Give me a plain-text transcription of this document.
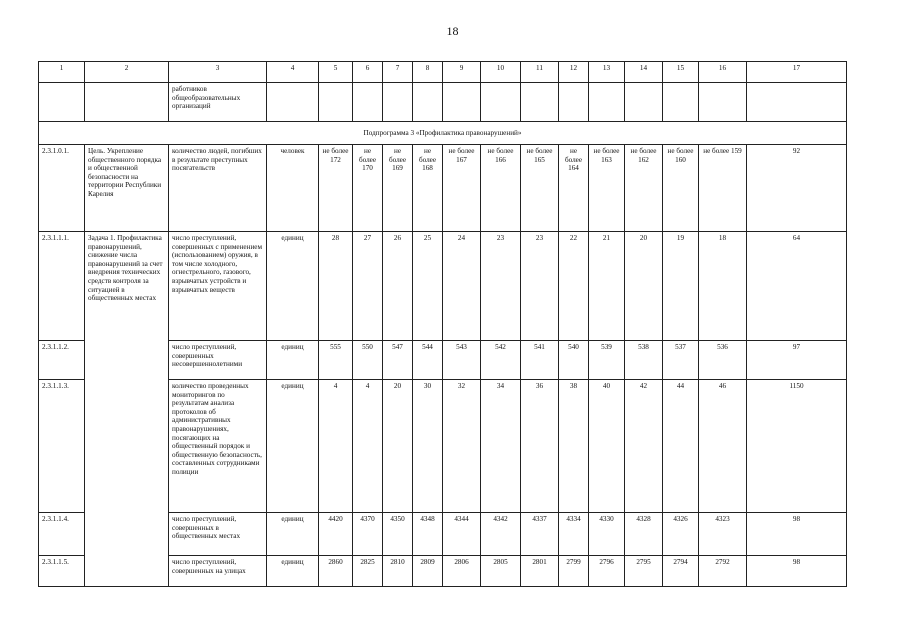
18
1	2	3	4	5	6	7	8	9	10	11	12	13	14	15	16	17
		работников общеобразовательных организаций														
Подпрограмма 3 «Профилактика правонарушений»																
2.3.1.0.1.	Цель. Укрепление общественного порядка и общественной безопасности на территории Республики Карелия	количество людей, погибших в результате преступных посягательств	человек	не более 172	не более 170	не более 169	не более 168	не более 167	не более 166	не более 165	не более 164	не более 163	не более 162	не более 160	не более 159	92
2.3.1.1.1.	Задача 1. Профилактика правонарушений, снижение числа правонарушений за счет внедрения технических средств контроля за ситуацией в общественных местах	число преступлений, совершенных с применением (использованием) оружия, в том числе холодного, огнестрельного, газового, взрывчатых устройств и взрывчатых веществ	единиц	28	27	26	25	24	23	23	22	21	20	19	18	64
2.3.1.1.2.		число преступлений, совершенных несовершеннолетними	единиц	555	550	547	544	543	542	541	540	539	538	537	536	97
2.3.1.1.3.		количество проведенных мониторингов по результатам анализа протоколов об административных правонарушениях, посягающих на общественный порядок и общественную безопасность, составленных сотрудниками полиции	единиц	4	4	20	30	32	34	36	38	40	42	44	46	1150
2.3.1.1.4.		число преступлений, совершенных в общественных местах	единиц	4420	4370	4350	4348	4344	4342	4337	4334	4330	4328	4326	4323	98
2.3.1.1.5.		число преступлений, совершенных на улицах	единиц	2860	2825	2810	2809	2806	2805	2801	2799	2796	2795	2794	2792	98
